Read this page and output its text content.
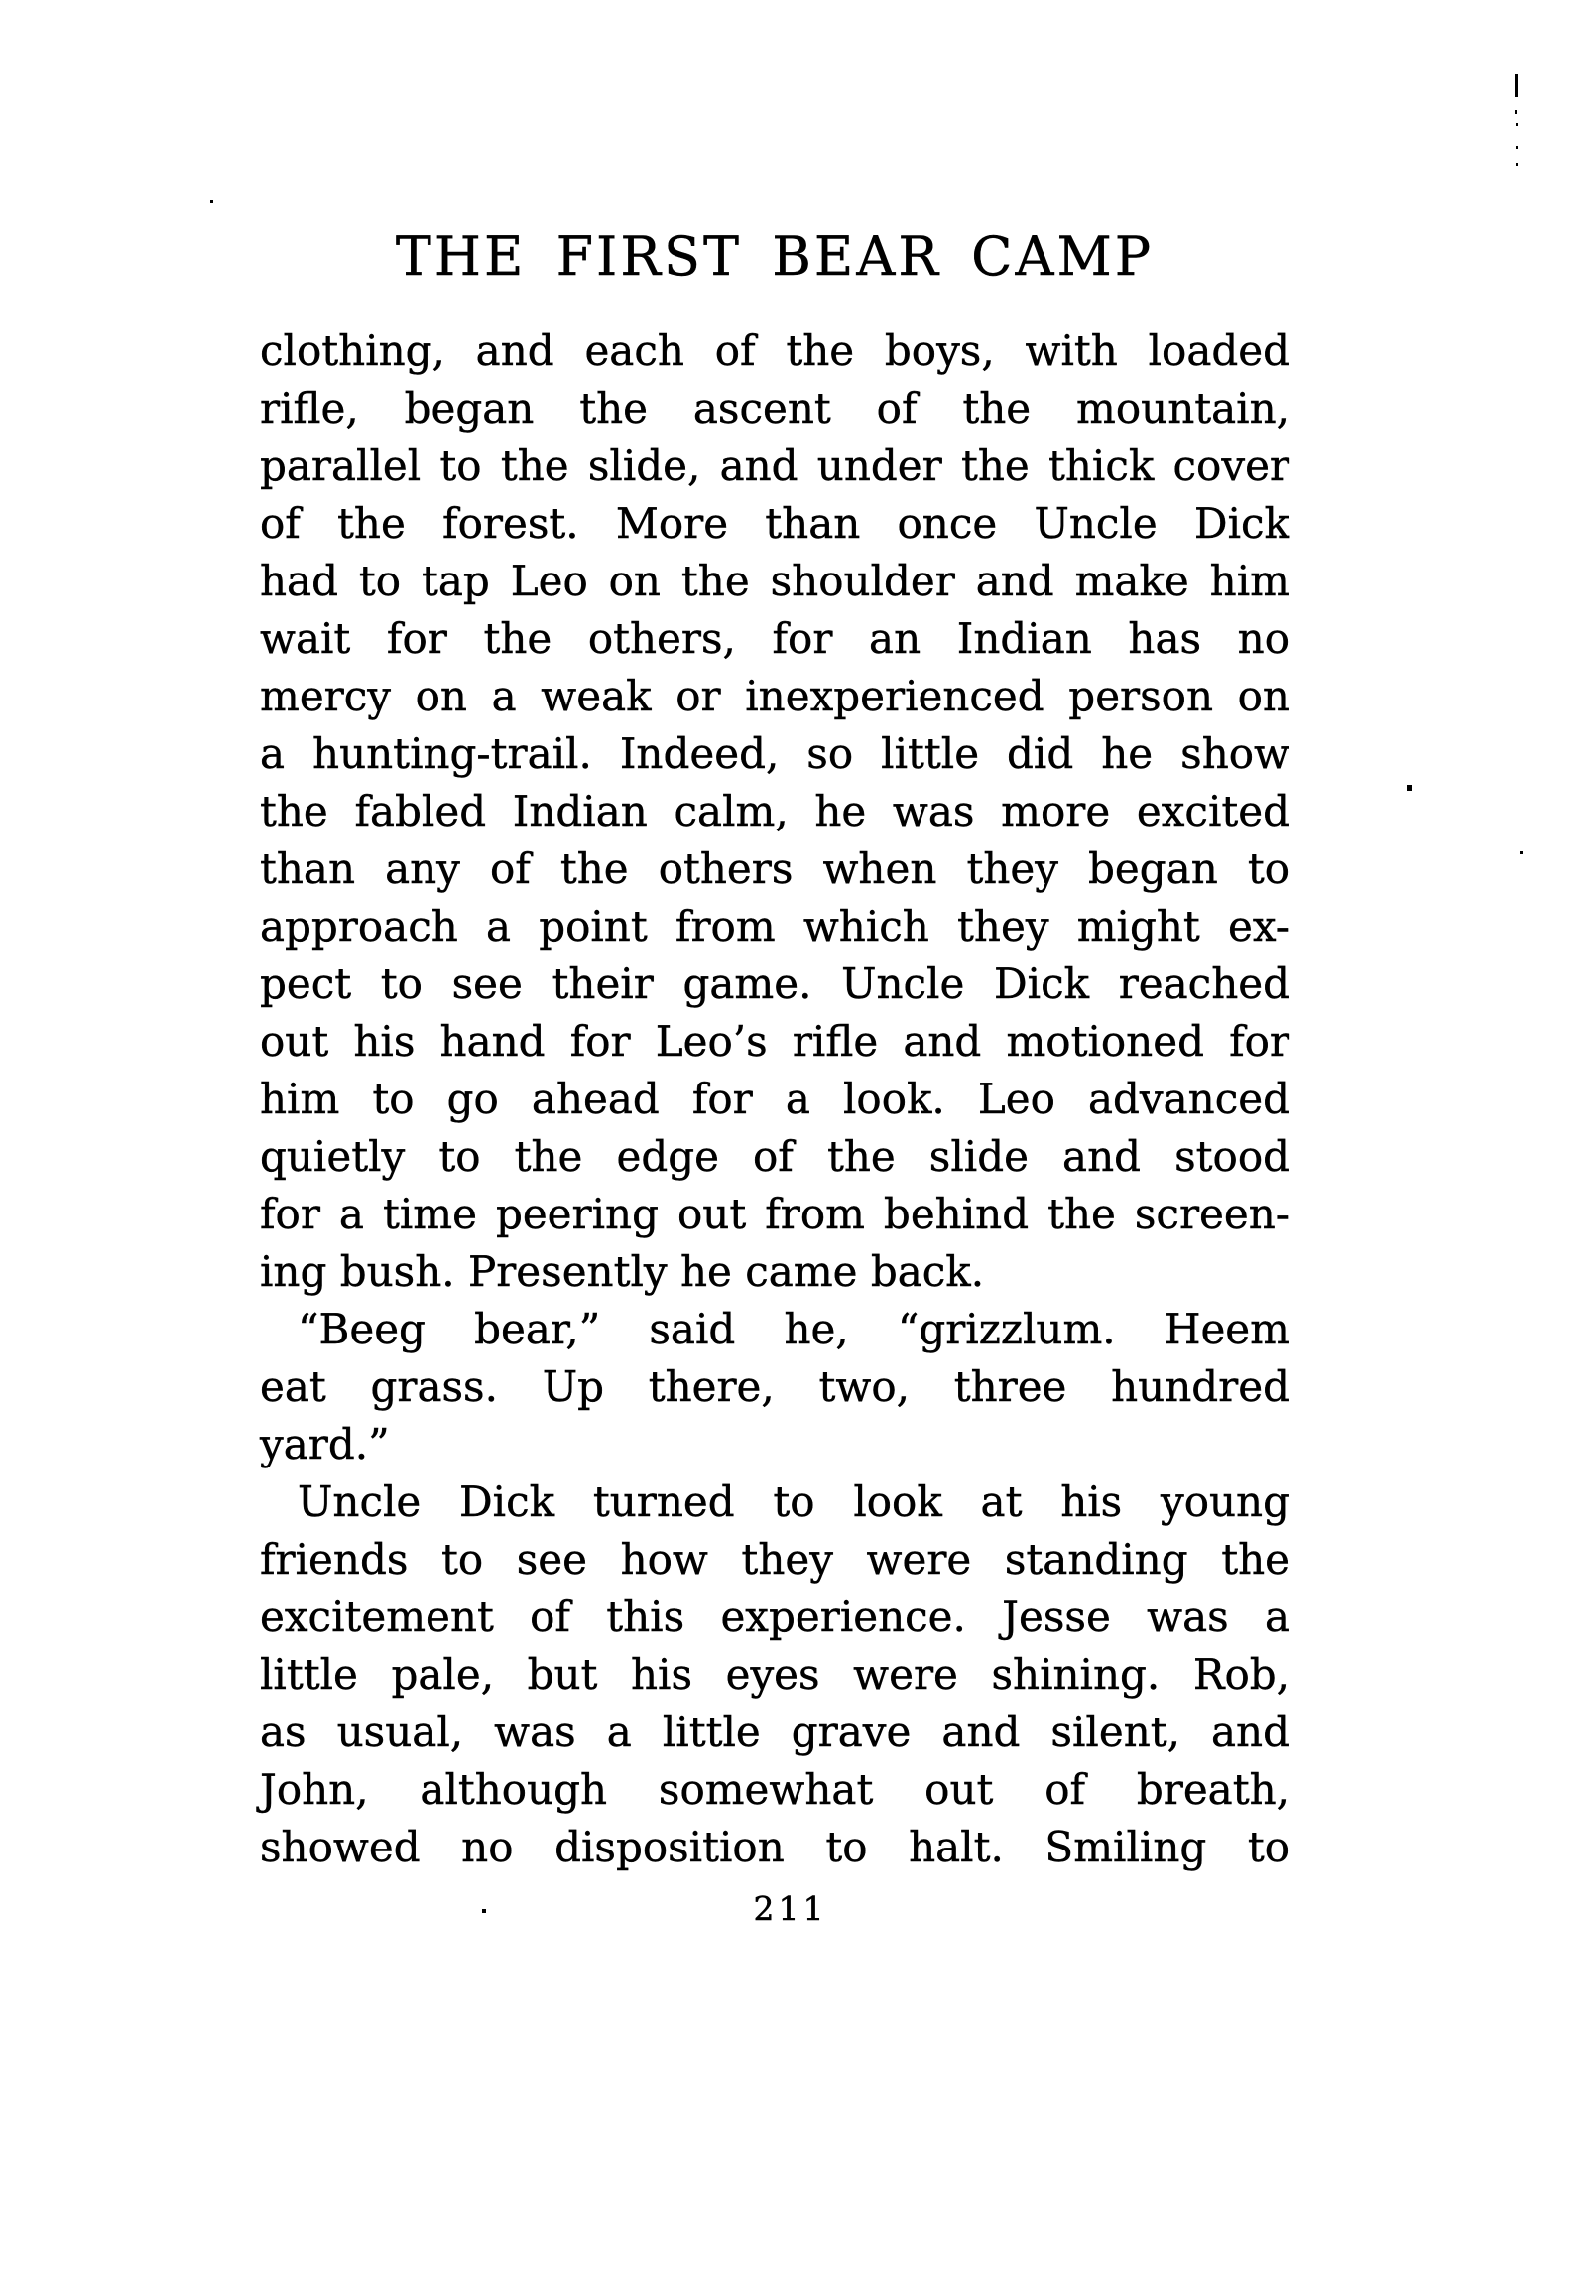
THE FIRST BEAR CAMP
clothing, and each of the boys, with loaded
rifle, began the ascent of the mountain,
parallel to the slide, and under the thick cover
of the forest. More than once Uncle Dick
had to tap Leo on the shoulder and make him
wait for the others, for an Indian has no
mercy on a weak or inexperienced person on
a hunting-trail. Indeed, so little did he show
the fabled Indian calm, he was more excited
than any of the others when they began to
approach a point from which they might ex-
pect to see their game. Uncle Dick reached
out his hand for Leo’s rifle and motioned for
him to go ahead for a look. Leo advanced
quietly to the edge of the slide and stood
for a time peering out from behind the screen-
ing bush. Presently he came back.
“Beeg bear,” said he, “grizzlum. Heem
eat grass. Up there, two, three hundred
yard.”
Uncle Dick turned to look at his young
friends to see how they were standing the
excitement of this experience. Jesse was a
little pale, but his eyes were shining. Rob,
as usual, was a little grave and silent, and
John, although somewhat out of breath,
showed no disposition to halt. Smiling to
211
